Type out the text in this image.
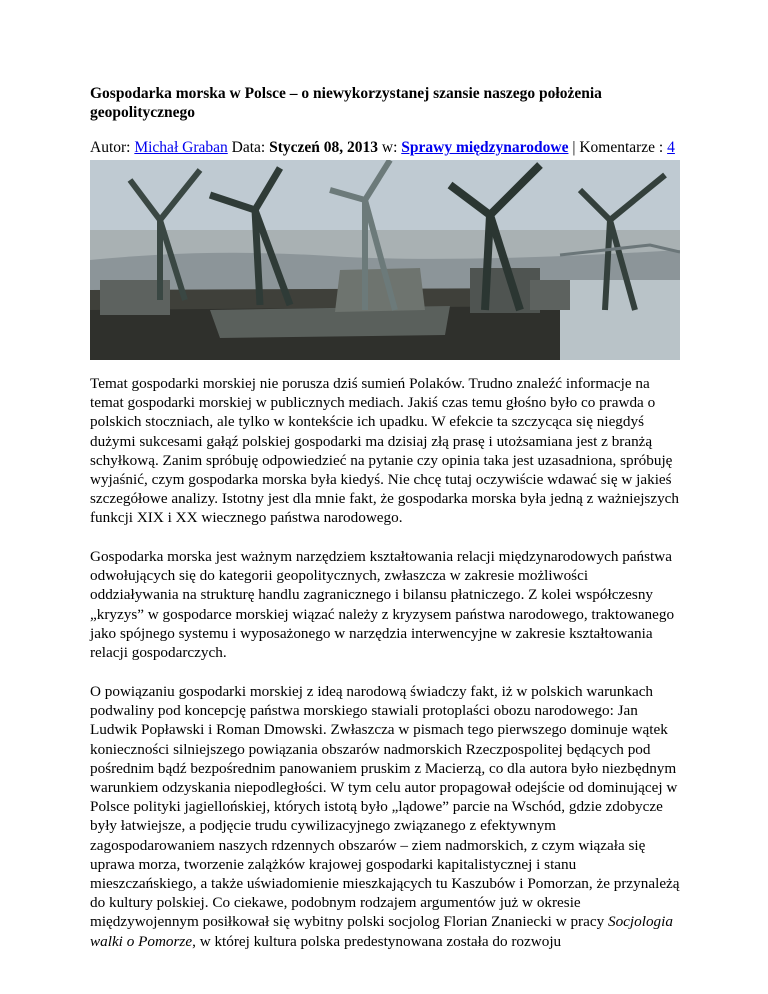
Gospodarka morska w Polsce – o niewykorzystanej szansie naszego położenia geopolitycznego
Autor: Michał Graban Data: Styczeń 08, 2013 w: Sprawy międzynarodowe | Komentarze : 4

Temat gospodarki morskiej nie porusza dziś sumień Polaków. Trudno znaleźć informacje na temat gospodarki morskiej w publicznych mediach. Jakiś czas temu głośno było co prawda o polskich stoczniach, ale tylko w kontekście ich upadku. W efekcie ta szczycąca się niegdyś dużymi sukcesami gałąź polskiej gospodarki ma dzisiaj złą prasę i utożsamiana jest z branżą schyłkową. Zanim spróbuję odpowiedzieć na pytanie czy opinia taka jest uzasadniona, spróbuję wyjaśnić, czym gospodarka morska była kiedyś. Nie chcę tutaj oczywiście wdawać się w jakieś szczegółowe analizy. Istotny jest dla mnie fakt, że gospodarka morska była jedną z ważniejszych funkcji XIX i XX wiecznego państwa narodowego.

Gospodarka morska jest ważnym narzędziem kształtowania relacji międzynarodowych państwa odwołujących się do kategorii geopolitycznych, zwłaszcza w zakresie możliwości oddziaływania na strukturę handlu zagranicznego i bilansu płatniczego. Z kolei współczesny „kryzys” w gospodarce morskiej wiązać należy z kryzysem państwa narodowego, traktowanego jako spójnego systemu i wyposażonego w narzędzia interwencyjne w zakresie kształtowania relacji gospodarczych.

O powiązaniu gospodarki morskiej z ideą narodową świadczy fakt, iż w polskich warunkach podwaliny pod koncepcję państwa morskiego stawiali protoplaści obozu narodowego: Jan Ludwik Popławski i Roman Dmowski. Zwłaszcza w pismach tego pierwszego dominuje wątek konieczności silniejszego powiązania obszarów nadmorskich Rzeczpospolitej będących pod pośrednim bądź bezpośrednim panowaniem pruskim z Macierzą, co dla autora było niezbędnym warunkiem odzyskania niepodległości. W tym celu autor propagował odejście od dominującej w Polsce polityki jagiellońskiej, których istotą było „lądowe” parcie na Wschód, gdzie zdobycze były łatwiejsze, a podjęcie trudu cywilizacyjnego związanego z efektywnym zagospodarowaniem naszych rdzennych obszarów – ziem nadmorskich, z czym wiązała się uprawa morza, tworzenie zalążków krajowej gospodarki kapitalistycznej i stanu mieszczańskiego, a także uświadomienie mieszkających tu Kaszubów i Pomorzan, że przynależą do kultury polskiej. Co ciekawe, podobnym rodzajem argumentów już w okresie międzywojennym posiłkował się wybitny polski socjolog Florian Znaniecki w pracy Socjologia walki o Pomorze, w której kultura polska predestynowana została do rozwoju
